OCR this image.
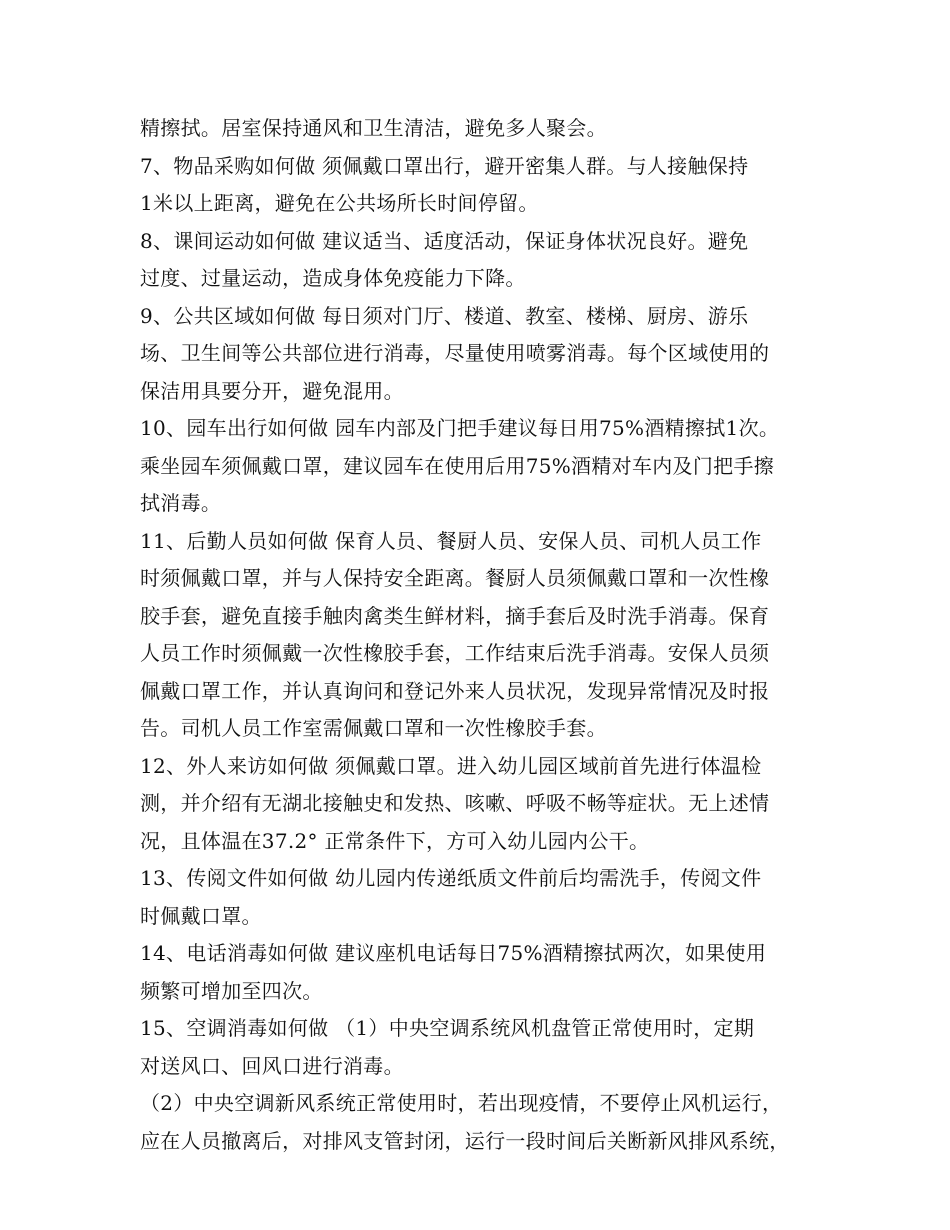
精擦拭。居室保持通风和卫生清洁，避免多人聚会。
7、物品采购如何做 须佩戴口罩出行，避开密集人群。与人接触保持
1米以上距离，避免在公共场所长时间停留。
8、课间运动如何做 建议适当、适度活动，保证身体状况良好。避免
过度、过量运动，造成身体免疫能力下降。
9、公共区域如何做 每日须对门厅、楼道、教室、楼梯、厨房、游乐
场、卫生间等公共部位进行消毒，尽量使用喷雾消毒。每个区域使用的
保洁用具要分开，避免混用。
10、园车出行如何做 园车内部及门把手建议每日用75%酒精擦拭1次。
乘坐园车须佩戴口罩，建议园车在使用后用75%酒精对车内及门把手擦
拭消毒。
11、后勤人员如何做 保育人员、餐厨人员、安保人员、司机人员工作
时须佩戴口罩，并与人保持安全距离。餐厨人员须佩戴口罩和一次性橡
胶手套，避免直接手触肉禽类生鲜材料，摘手套后及时洗手消毒。保育
人员工作时须佩戴一次性橡胶手套，工作结束后洗手消毒。安保人员须
佩戴口罩工作，并认真询问和登记外来人员状况，发现异常情况及时报
告。司机人员工作室需佩戴口罩和一次性橡胶手套。
12、外人来访如何做 须佩戴口罩。进入幼儿园区域前首先进行体温检
测，并介绍有无湖北接触史和发热、咳嗽、呼吸不畅等症状。无上述情
况，且体温在37.2° 正常条件下，方可入幼儿园内公干。
13、传阅文件如何做 幼儿园内传递纸质文件前后均需洗手，传阅文件
时佩戴口罩。
14、电话消毒如何做 建议座机电话每日75%酒精擦拭两次，如果使用
频繁可增加至四次。
15、空调消毒如何做 （1）中央空调系统风机盘管正常使用时，定期
对送风口、回风口进行消毒。
（2）中央空调新风系统正常使用时，若出现疫情，不要停止风机运行，
应在人员撤离后，对排风支管封闭，运行一段时间后关断新风排风系统，
